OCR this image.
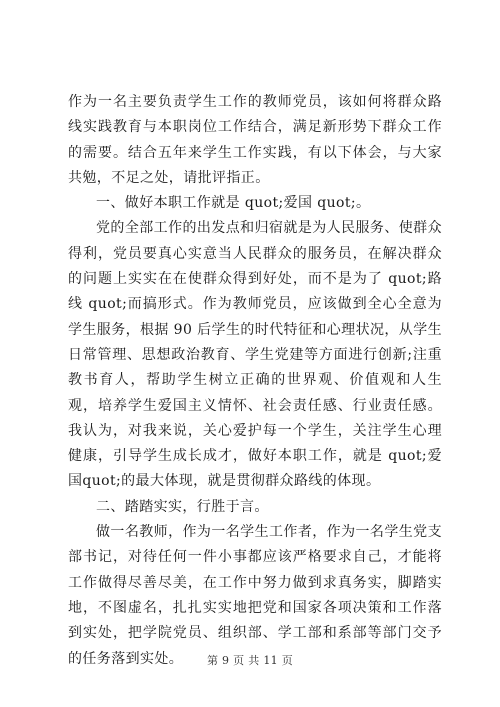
作为一名主要负责学生工作的教师党员，该如何将群众路线实践教育与本职岗位工作结合，满足新形势下群众工作的需要。结合五年来学生工作实践，有以下体会，与大家共勉，不足之处，请批评指正。

一、做好本职工作就是 quot;爱国 quot;。

党的全部工作的出发点和归宿就是为人民服务、使群众得利，党员要真心实意当人民群众的服务员，在解决群众的问题上实实在在使群众得到好处，而不是为了 quot;路线 quot;而搞形式。作为教师党员，应该做到全心全意为学生服务，根据 90 后学生的时代特征和心理状况，从学生日常管理、思想政治教育、学生党建等方面进行创新;注重教书育人，帮助学生树立正确的世界观、价值观和人生观，培养学生爱国主义情怀、社会责任感、行业责任感。我认为，对我来说，关心爱护每一个学生，关注学生心理健康，引导学生成长成才，做好本职工作，就是 quot;爱国quot;的最大体现，就是贯彻群众路线的体现。

二、踏踏实实，行胜于言。

做一名教师，作为一名学生工作者，作为一名学生党支部书记，对待任何一件小事都应该严格要求自己，才能将工作做得尽善尽美，在工作中努力做到求真务实，脚踏实地，不图虚名，扎扎实实地把党和国家各项决策和工作落到实处，把学院党员、组织部、学工部和系部等部门交予的任务落到实处。	第 9 页 共 11 页
